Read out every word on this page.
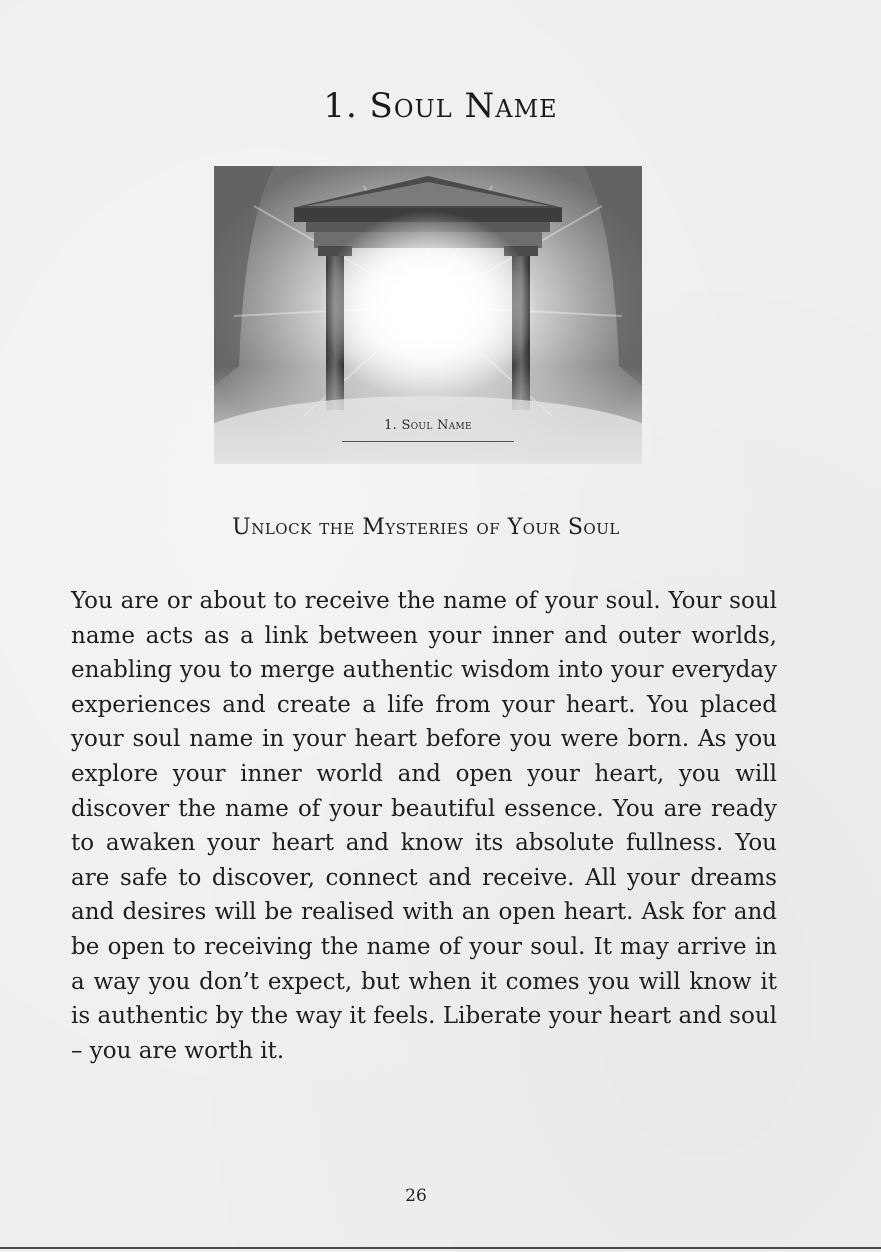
1. Soul Name
1. Soul Name
Unlock the Mysteries of Your Soul
You are or about to receive the name of your soul. Your soul name acts as a link between your inner and outer worlds, enabling you to merge authentic wisdom into your everyday experiences and create a life from your heart. You placed your soul name in your heart before you were born. As you explore your inner world and open your heart, you will discover the name of your beautiful essence. You are ready to awaken your heart and know its absolute fullness. You are safe to discover, connect and receive. All your dreams and desires will be realised with an open heart. Ask for and be open to receiving the name of your soul. It may arrive in a way you don’t expect, but when it comes you will know it is authentic by the way it feels. Liberate your heart and soul – you are worth it.
26
